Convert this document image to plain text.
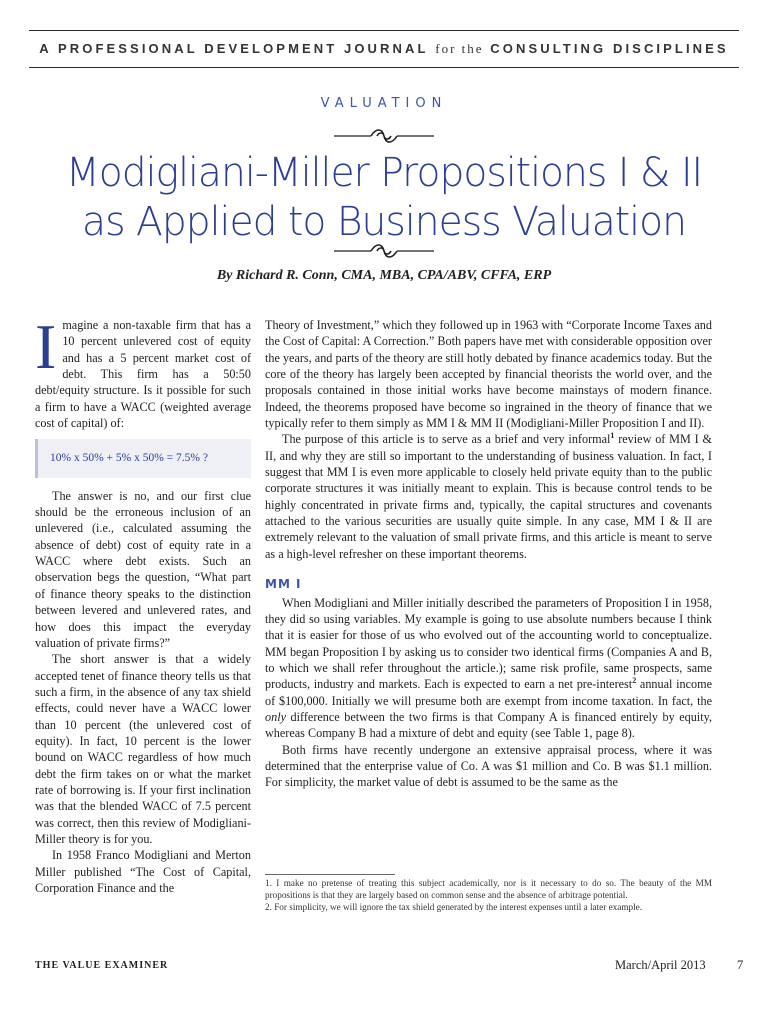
A PROFESSIONAL DEVELOPMENT JOURNAL for the CONSULTING DISCIPLINES
VALUATION
Modigliani-Miller Propositions I & II
as Applied to Business Valuation
By Richard R. Conn, CMA, MBA, CPA/ABV, CFFA, ERP

Imagine a non-taxable firm that has a 10 percent unlevered cost of equity and has a 5 percent market cost of debt. This firm has a 50:50 debt/equity structure. Is it possible for such a firm to have a WACC (weighted average cost of capital) of:

10% x 50% + 5% x 50% = 7.5% ?

The answer is no, and our first clue should be the erroneous inclusion of an unlevered (i.e., calculated assuming the absence of debt) cost of equity rate in a WACC where debt exists. Such an observation begs the question, “What part of finance theory speaks to the distinction between levered and unlevered rates, and how does this impact the everyday valuation of private firms?”

The short answer is that a widely accepted tenet of finance theory tells us that such a firm, in the absence of any tax shield effects, could never have a WACC lower than 10 percent (the unlevered cost of equity). In fact, 10 percent is the lower bound on WACC regardless of how much debt the firm takes on or what the market rate of borrowing is. If your first inclination was that the blended WACC of 7.5 percent was correct, then this review of Modigliani-Miller theory is for you.

In 1958 Franco Modigliani and Merton Miller published “The Cost of Capital, Corporation Finance and the

Theory of Investment,” which they followed up in 1963 with “Corporate Income Taxes and the Cost of Capital: A Correction.” Both papers have met with considerable opposition over the years, and parts of the theory are still hotly debated by finance academics today. But the core of the theory has largely been accepted by financial theorists the world over, and the proposals contained in those initial works have become mainstays of modern finance. Indeed, the theorems proposed have become so ingrained in the theory of finance that we typically refer to them simply as MM I & MM II (Modigliani-Miller Proposition I and II).

The purpose of this article is to serve as a brief and very informal$^1$ review of MM I & II, and why they are still so important to the understanding of business valuation. In fact, I suggest that MM I is even more applicable to closely held private equity than to the public corporate structures it was initially meant to explain. This is because control tends to be highly concentrated in private firms and, typically, the capital structures and covenants attached to the various securities are usually quite simple. In any case, MM I & II are extremely relevant to the valuation of small private firms, and this article is meant to serve as a high-level refresher on these important theorems.

MM I

When Modigliani and Miller initially described the parameters of Proposition I in 1958, they did so using variables. My example is going to use absolute numbers because I think that it is easier for those of us who evolved out of the accounting world to conceptualize. MM began Proposition I by asking us to consider two identical firms (Companies A and B, to which we shall refer throughout the article.); same risk profile, same prospects, same products, industry and markets. Each is expected to earn a net pre-interest$^2$ annual income of $100,000. Initially we will presume both are exempt from income taxation. In fact, the only difference between the two firms is that Company A is financed entirely by equity, whereas Company B had a mixture of debt and equity (see Table 1, page 8).

Both firms have recently undergone an extensive appraisal process, where it was determined that the enterprise value of Co. A was $1 million and Co. B was $1.1 million. For simplicity, the market value of debt is assumed to be the same as the

1. I make no pretense of treating this subject academically, nor is it necessary to do so. The beauty of the MM propositions is that they are largely based on common sense and the absence of arbitrage potential.

2. For simplicity, we will ignore the tax shield generated by the interest expenses until a later example.

THE VALUE EXAMINER	March/April 2013	7
